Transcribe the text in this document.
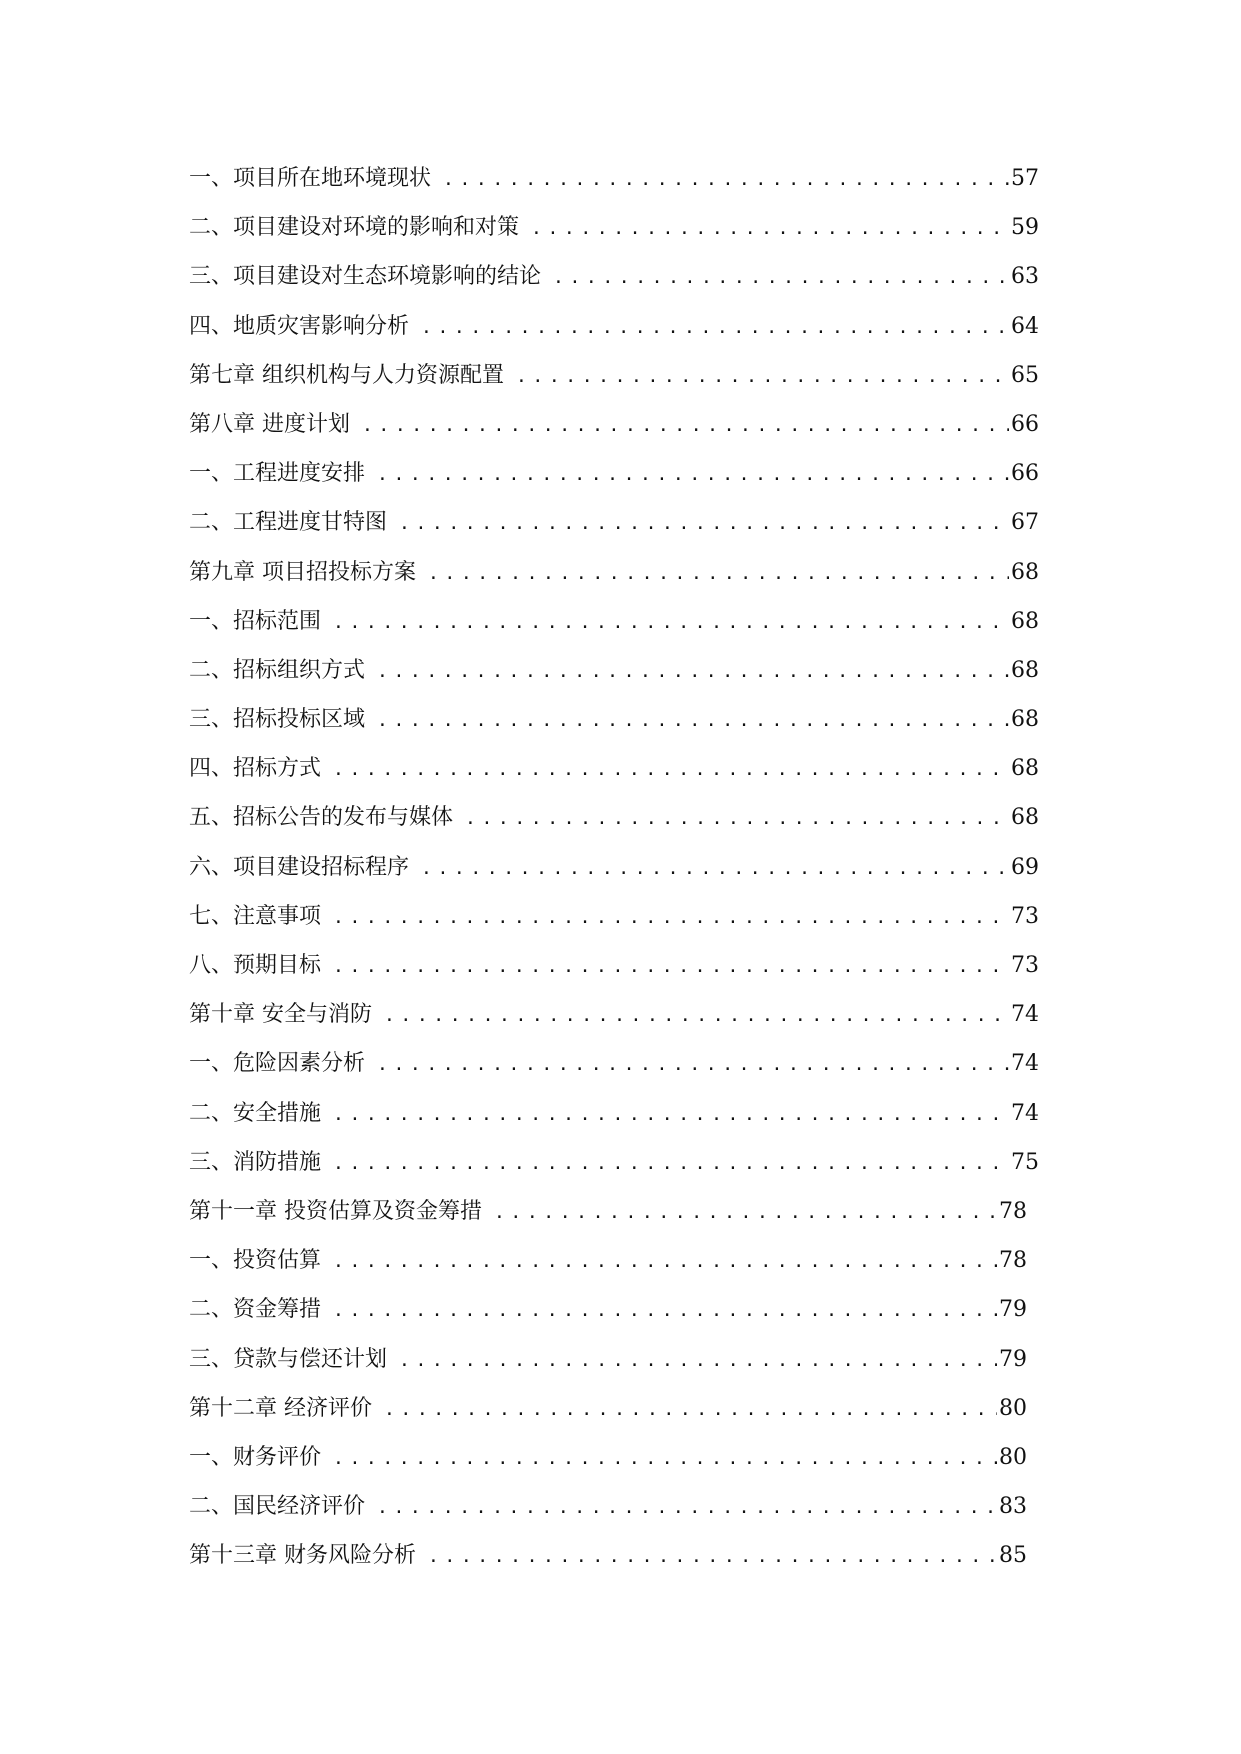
一、项目所在地环境现状 .....	57
二、项目建设对环境的影响和对策 .....	59
三、项目建设对生态环境影响的结论 .....	63
四、地质灾害影响分析 .....	64
第七章 组织机构与人力资源配置 .....	65
第八章 进度计划 .....	66
一、工程进度安排 .....	66
二、工程进度甘特图 .....	67
第九章 项目招投标方案 .....	68
一、招标范围 .....	68
二、招标组织方式 .....	68
三、招标投标区域 .....	68
四、招标方式 .....	68
五、招标公告的发布与媒体 .....	68
六、项目建设招标程序 .....	69
七、注意事项 .....	73
八、预期目标 .....	73
第十章 安全与消防 .....	74
一、危险因素分析 .....	74
二、安全措施 .....	74
三、消防措施 .....	75
第十一章 投资估算及资金筹措 .....	78
一、投资估算 .....	78
二、资金筹措 .....	79
三、贷款与偿还计划 .....	79
第十二章 经济评价 .....	80
一、财务评价 .....	80
二、国民经济评价 .....	83
第十三章 财务风险分析 .....	85
